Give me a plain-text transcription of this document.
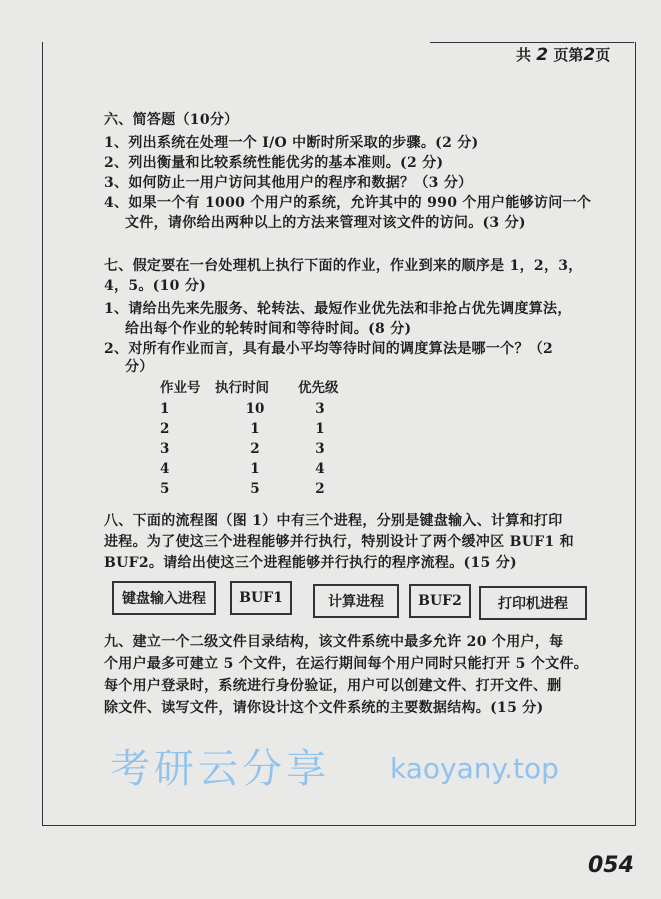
共 2 页第2页
六、简答题（10分）
1、列出系统在处理一个 I/O 中断时所采取的步骤。(2 分)
2、列出衡量和比较系统性能优劣的基本准则。(2 分)
3、如何防止一用户访问其他用户的程序和数据？（3 分）
4、如果一个有 1000 个用户的系统，允许其中的 990 个用户能够访问一个
文件，请你给出两种以上的方法来管理对该文件的访问。(3 分)
七、假定要在一台处理机上执行下面的作业，作业到来的顺序是 1，2，3，
4，5。(10 分)
1、请给出先来先服务、轮转法、最短作业优先法和非抢占优先调度算法，
给出每个作业的轮转时间和等待时间。(8 分)
2、对所有作业而言，具有最小平均等待时间的调度算法是哪一个？（2
分）
作业号 执行时间 优先级
1	10	3
2	1	1
3	2	3
4	1	4
5	5	2
八、下面的流程图（图 1）中有三个进程，分别是键盘输入、计算和打印
进程。为了使这三个进程能够并行执行，特别设计了两个缓冲区 BUF1 和
BUF2。请给出使这三个进程能够并行执行的程序流程。(15 分)
键盘输入进程	BUF1	计算进程	BUF2	打印机进程
九、建立一个二级文件目录结构，该文件系统中最多允许 20 个用户，每
个用户最多可建立 5 个文件，在运行期间每个用户同时只能打开 5 个文件。
每个用户登录时，系统进行身份验证，用户可以创建文件、打开文件、删
除文件、读写文件，请你设计这个文件系统的主要数据结构。(15 分)
考研云分享 kaoyany.top
054
